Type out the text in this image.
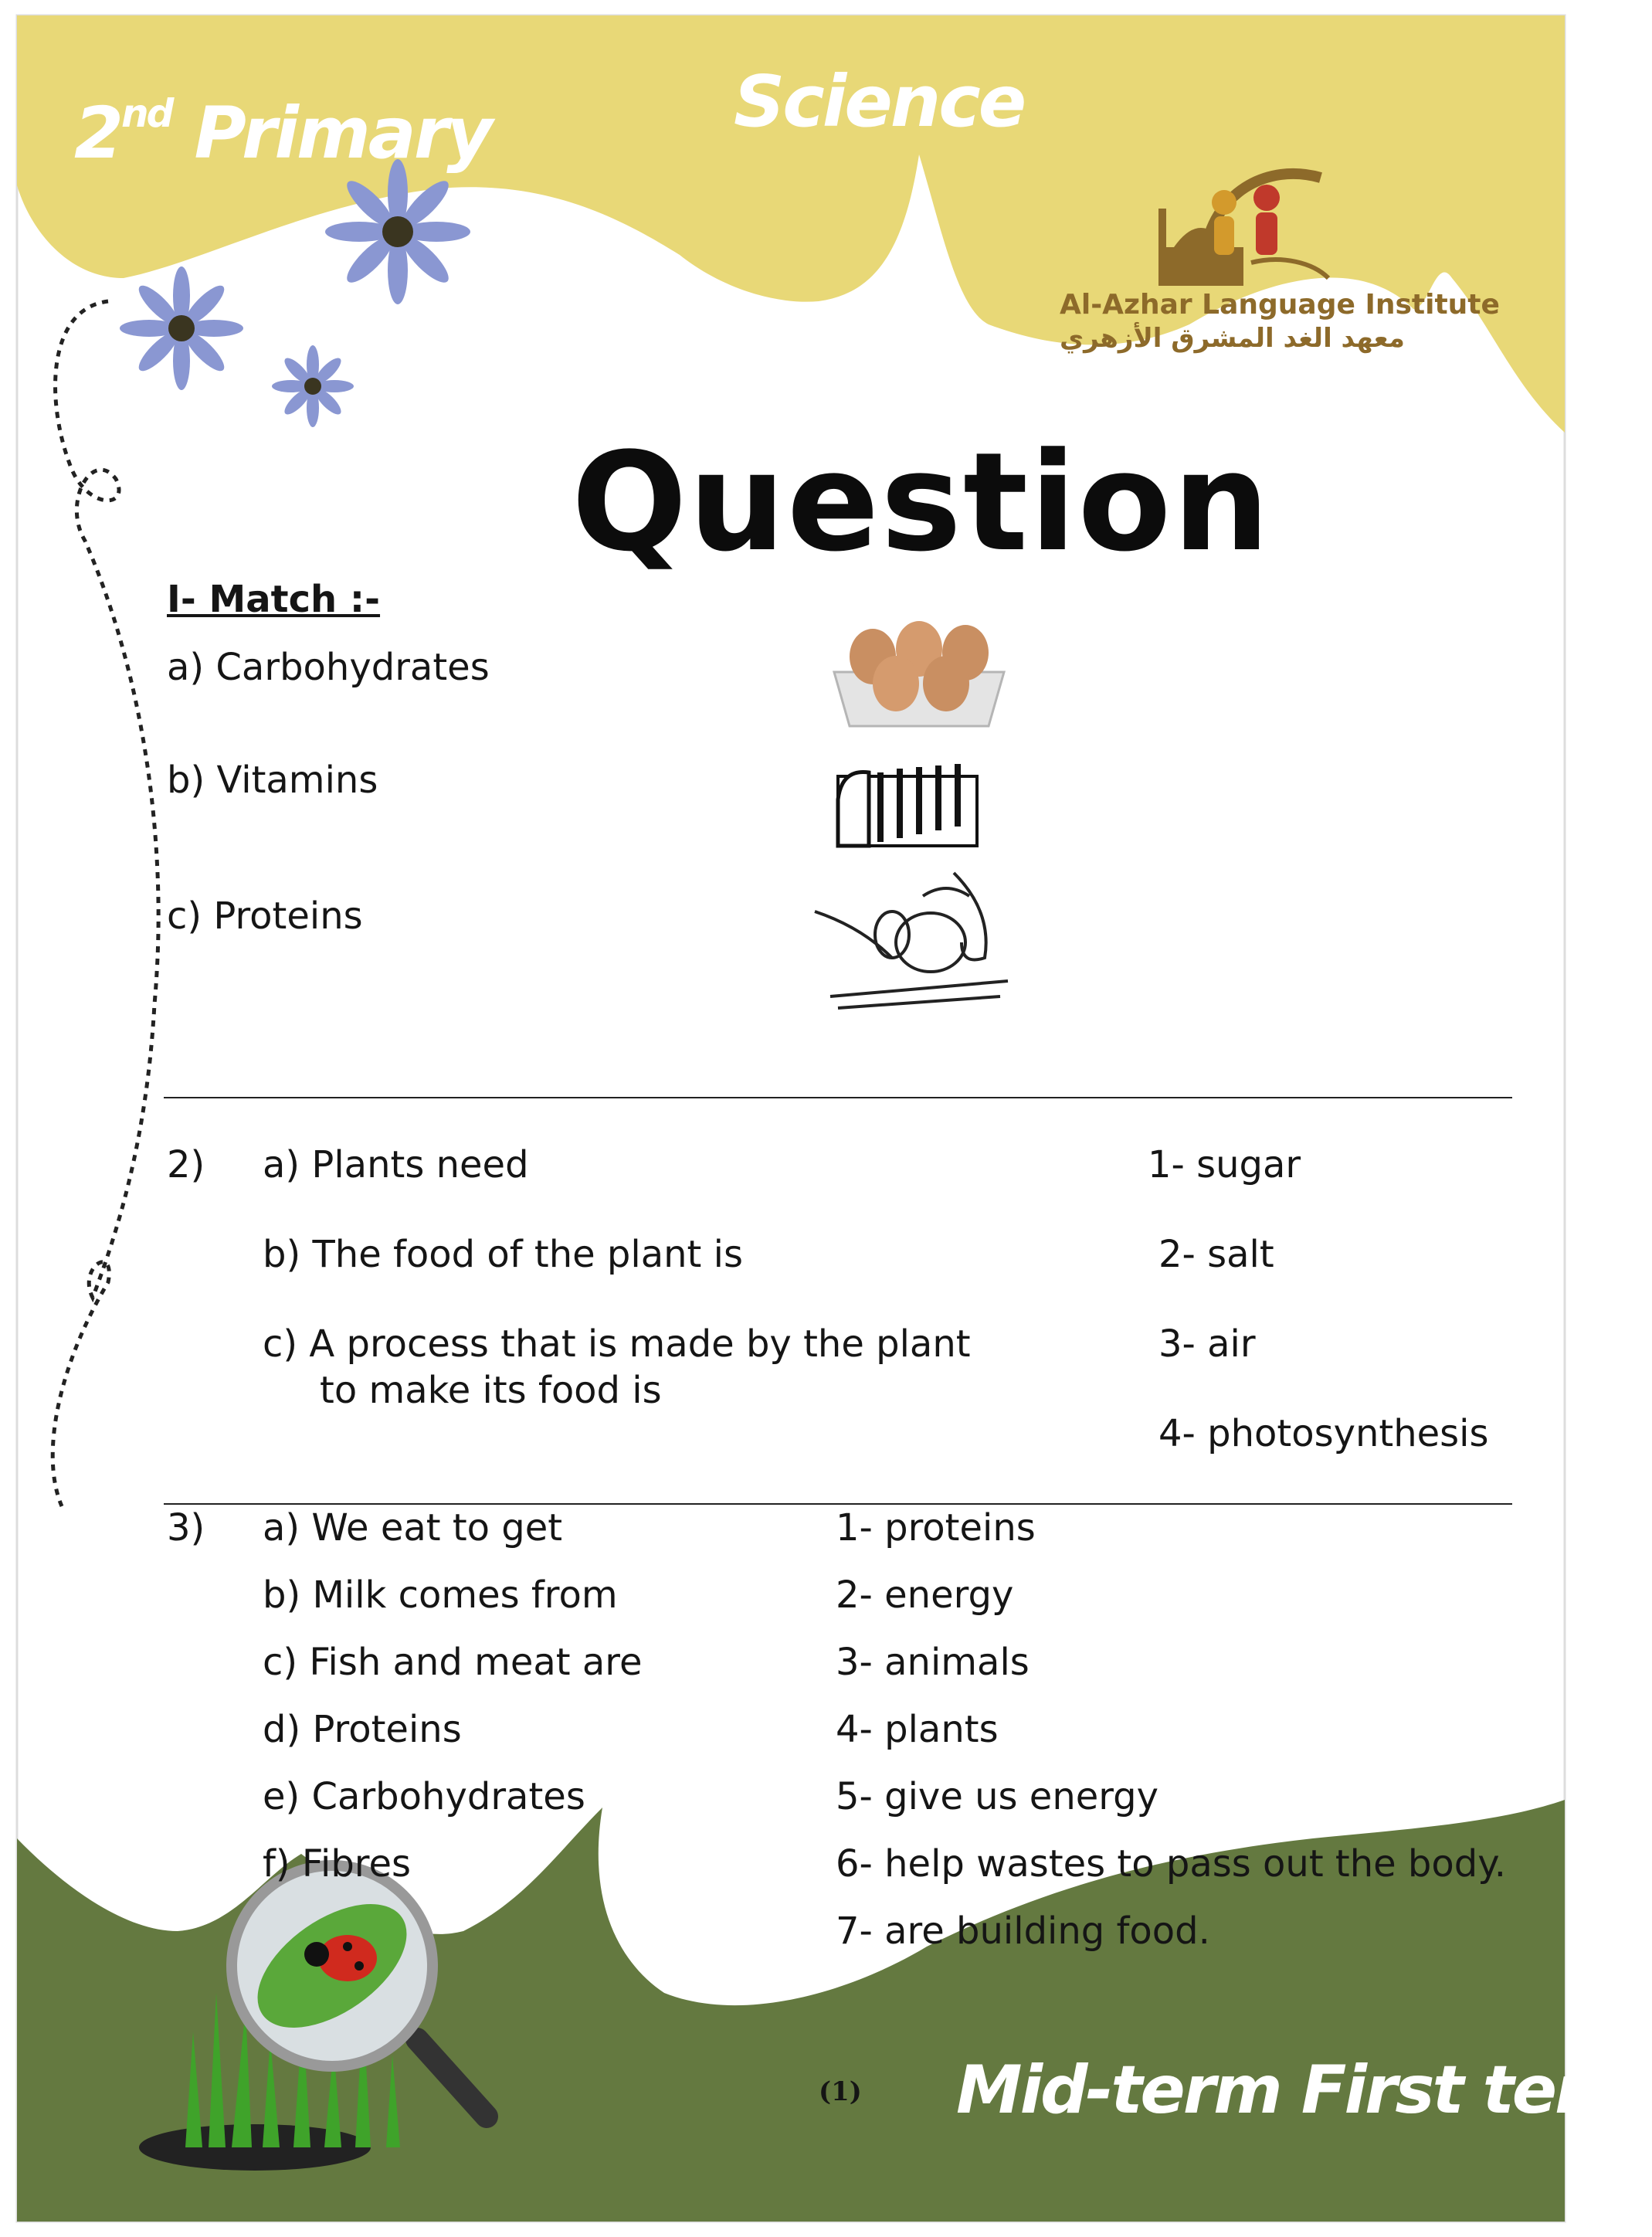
2nd Primary	Science
Al-Azhar Language Institute
معهد الغد المشرق الأزهري
Question
I- Match :-
a) Carbohydrates
b) Vitamins
c) Proteins
2) a) Plants need
b) The food of the plant is
c) A process that is made by the plant
to make its food is
1- sugar
2- salt
3- air
4- photosynthesis
3) a) We eat to get
b) Milk comes from
c) Fish and meat are
d) Proteins
e) Carbohydrates
f) Fibres
1- proteins
2- energy
3- animals
4- plants
5- give us energy
6- help wastes to pass out the body.
7- are building food.
(1) Mid-term First term
